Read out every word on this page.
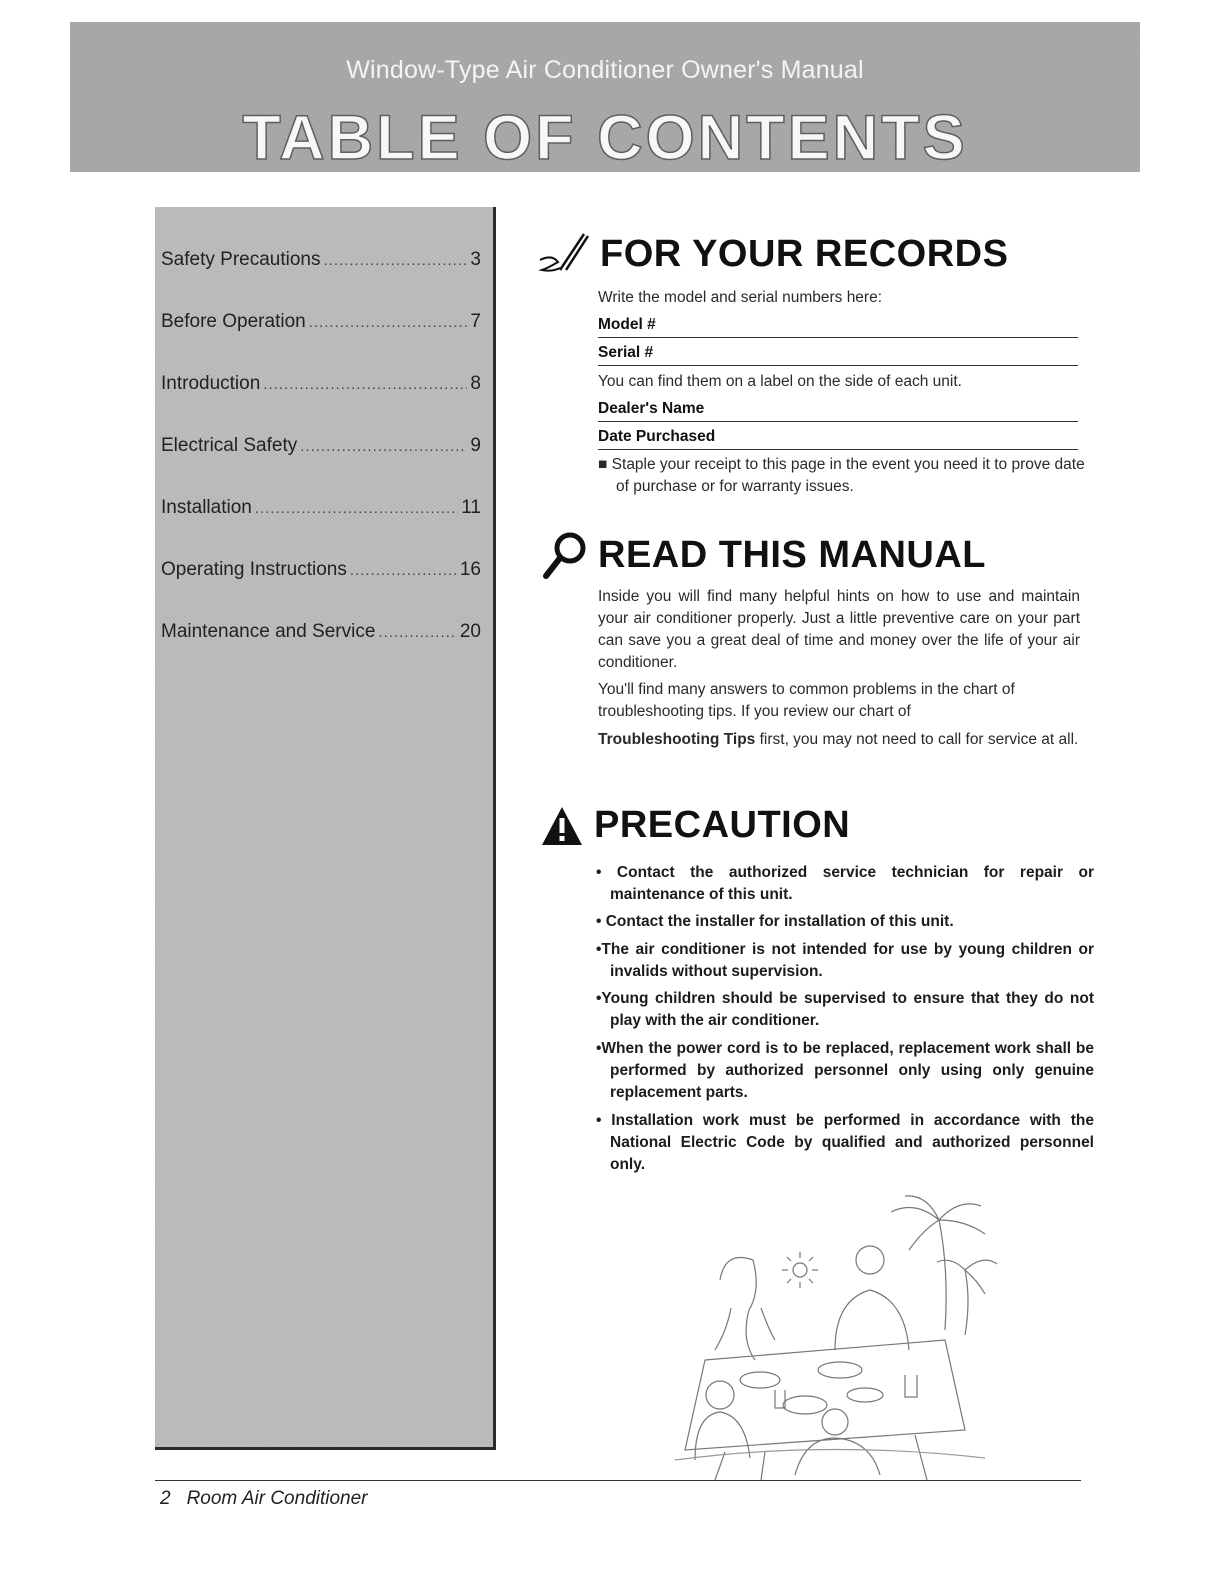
Window-Type Air Conditioner Owner's Manual
TABLE OF CONTENTS
Safety Precautions .....	3
Before Operation .....	7
Introduction .....	8
Electrical Safety .....	9
Installation .....	11
Operating Instructions .....	16
Maintenance and Service .....	20
FOR YOUR RECORDS
Write the model and serial numbers here:
Model #
Serial #
You can find them on a label on the side of each unit.
Dealer's Name
Date Purchased
■ Staple your receipt to this page in the event you need it to prove date of purchase or for warranty issues.
READ THIS MANUAL
Inside you will find many helpful hints on how to use and maintain your air conditioner properly. Just a little preventive care on your part can save you a great deal of time and money over the life of your air conditioner.
You'll find many answers to common problems in the chart of troubleshooting tips. If you review our chart of
Troubleshooting Tips first, you may not need to call for service at all.
PRECAUTION
• Contact the authorized service technician for repair or maintenance of this unit.
• Contact the installer for installation of this unit.
•The air conditioner is not intended for use by young children or invalids without supervision.
•Young children should be supervised to ensure that they do not play with the air conditioner.
•When the power cord is to be replaced, replacement work shall be performed by authorized personnel only using only genuine replacement parts.
• Installation work must be performed in accordance with the National Electric Code by qualified and authorized personnel only.
2 Room Air Conditioner
